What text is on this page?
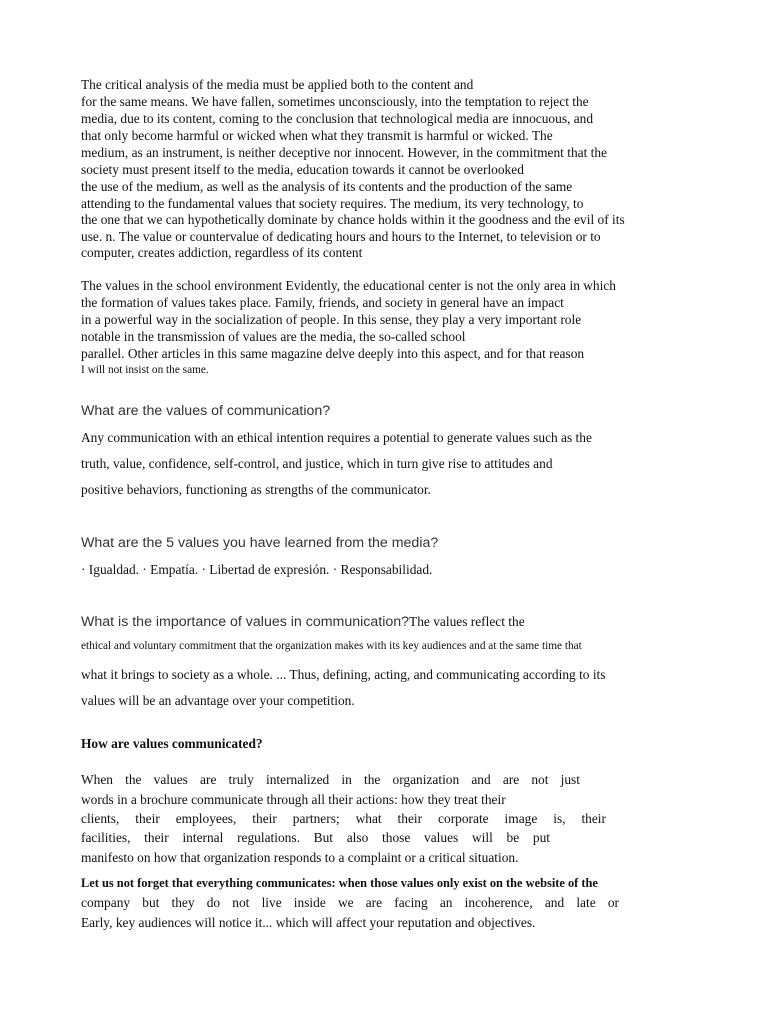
The critical analysis of the media must be applied both to the content and
for the same means. We have fallen, sometimes unconsciously, into the temptation to reject the
media, due to its content, coming to the conclusion that technological media are innocuous, and
that only become harmful or wicked when what they transmit is harmful or wicked. The
medium, as an instrument, is neither deceptive nor innocent. However, in the commitment that the
society must present itself to the media, education towards it cannot be overlooked
the use of the medium, as well as the analysis of its contents and the production of the same
attending to the fundamental values that society requires. The medium, its very technology, to
the one that we can hypothetically dominate by chance holds within it the goodness and the evil of its
use. n. The value or countervalue of dedicating hours and hours to the Internet, to television or to
computer, creates addiction, regardless of its content
The values in the school environment Evidently, the educational center is not the only area in which
the formation of values takes place. Family, friends, and society in general have an impact
in a powerful way in the socialization of people. In this sense, they play a very important role
notable in the transmission of values are the media, the so-called school
parallel. Other articles in this same magazine delve deeply into this aspect, and for that reason
I will not insist on the same.
What are the values of communication?
Any communication with an ethical intention requires a potential to generate values such as the
truth, value, confidence, self-control, and justice, which in turn give rise to attitudes and
positive behaviors, functioning as strengths of the communicator.
What are the 5 values you have learned from the media?
· Igualdad. · Empatía. · Libertad de expresión. · Responsabilidad.
What is the importance of values in communication?The values reflect the
ethical and voluntary commitment that the organization makes with its key audiences and at the same time that
what it brings to society as a whole. ... Thus, defining, acting, and communicating according to its
values will be an advantage over your competition.
How are values communicated?
When the values are truly internalized in the organization and are not just
words in a brochure communicate through all their actions: how they treat their
clients, their employees, their partners; what their corporate image is, their
facilities, their internal regulations. But also those values will be put
manifesto on how that organization responds to a complaint or a critical situation.
Let us not forget that everything communicates: when those values only exist on the website of the
company but they do not live inside we are facing an incoherence, and late or
Early, key audiences will notice it... which will affect your reputation and objectives.
